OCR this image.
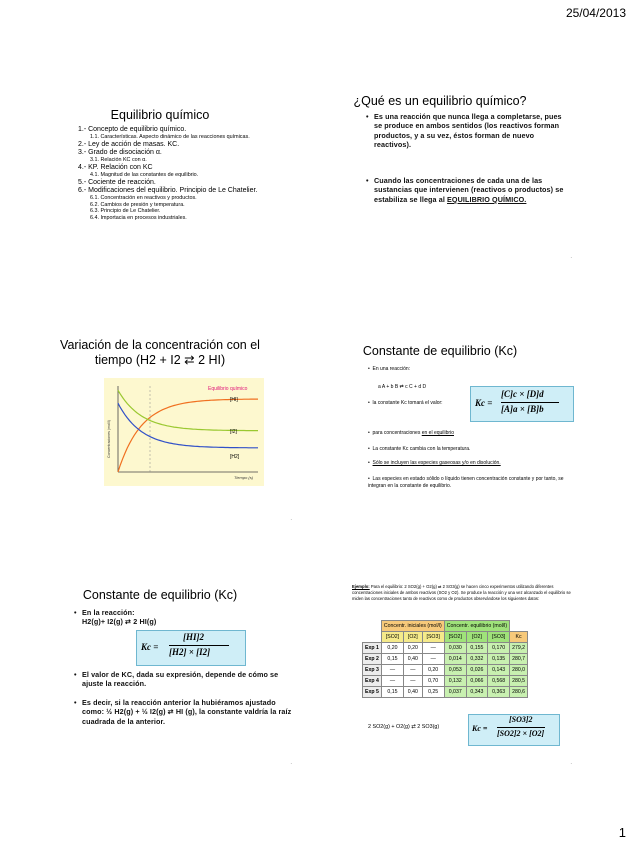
25/04/2013
Equilibrio químico
1.- Concepto de equilibrio químico.
1.1. Características. Aspecto dinámico de las reacciones químicas.
2.- Ley de acción de masas. KC.
3.- Grado de disociación α.
3.1. Relación KC con α.
4.- KP. Relación con KC
4.1. Magnitud de las constantes de equilibrio.
5.- Cociente de reacción.
6.- Modificaciones del equilibrio. Principio de Le Chatelier.
6.1. Concentración en reactivos y productos.
6.2. Cambios de presión y temperatura.
6.3. Principio de Le Chatelier.
6.4. Importacia en procesos industriales.
¿Qué es un equilibrio químico?
• Es una reacción que nunca llega a completarse, pues se produce en ambos sentidos (los reactivos forman productos, y a su vez, éstos forman de nuevo reactivos).
• Cuando las concentraciones de cada una de las sustancias que intervienen (reactivos o productos) se estabiliza se llega al EQUILIBRIO QUÍMICO.
.
Variación de la concentración con el
tiempo (H2 + I2 ⇄ 2 HI)
Equilibrio químico
Concentraciones (mol/l)
Tiempo (s)
[HI]
[I2]
[H2]
.
Constante de equilibrio (Kc)
•  En una reacción:
a A + b B ⇄ c C + d D
•  la constante Kc tomará el valor:	Kc =
[C]c × [D]d
[A]a × [B]b
•  para concentraciones en el equilibrio
•  La constante Kc cambia con la temperatura.
•  Sólo se incluyen las especies gaseosas y/o en disolución.
•  Las especies en estado sólido o líquido tienen concentración constante y por tanto, se integran en la constante de equilibrio.
Constante de equilibrio (Kc)
• En la reacción:
H2(g)+ I2(g) ⇄ 2 HI(g)
Kc =
[HI]2
[H2] × [I2]
• El valor de KC, dada su expresión, depende de cómo se ajuste la reacción.
• Es decir, si la reacción anterior la hubiéramos ajustado como: ½ H2(g) + ½ I2(g) ⇄ HI (g), la constante valdría la raíz cuadrada de la anterior.
.
Ejemplo: Para el equilibrio: 2 SO2(g) + O2(g) ⇄ 2 SO3(g) se hacen cinco experimentos utilizando diferentes concentraciones iniciales de ambos reactivos (SO2 y O2). Se produce la reacción y una vez alcanzado el equilibrio se miden las concentraciones tanto de reactivos como de productos observándose los siguientes datos:
	Concentr. iniciales (mol/l)			Concentr. equilibrio (mol/l)			
	[SO2]	[O2]	[SO3]	[SO2]	[O2]	[SO3]	Kc
Exp 1	0,20	0,20	—	0,030	0,155	0,170	279,2
Exp 2	0,15	0,40	—	0,014	0,332	0,135	280,7
Exp 3	—	—	0,20	0,053	0,026	0,143	280,0
Exp 4	—	—	0,70	0,132	0,066	0,568	280,5
Exp 5	0,15	0,40	0,25	0,037	0,343	0,363	280,6
2 SO2(g) + O2(g) ⇄ 2 SO3(g)	Kc =
[SO3]2
[SO2]2 × [O2]
.
1
